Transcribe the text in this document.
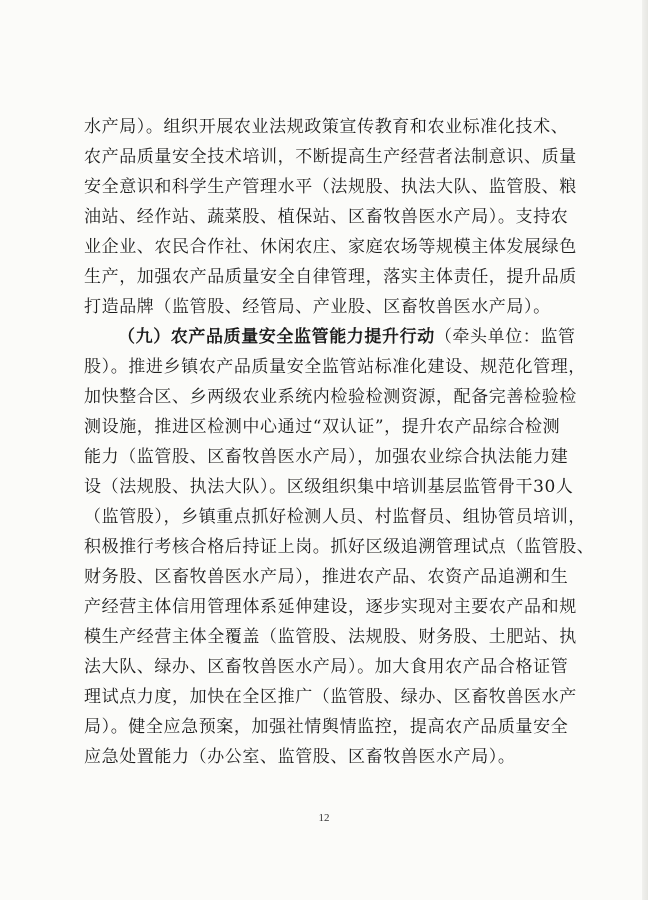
水产局）。组织开展农业法规政策宣传教育和农业标准化技术、
农产品质量安全技术培训，不断提高生产经营者法制意识、质量
安全意识和科学生产管理水平（法规股、执法大队、监管股、粮
油站、经作站、蔬菜股、植保站、区畜牧兽医水产局）。支持农
业企业、农民合作社、休闲农庄、家庭农场等规模主体发展绿色
生产，加强农产品质量安全自律管理，落实主体责任，提升品质
打造品牌（监管股、经管局、产业股、区畜牧兽医水产局）。
（九）农产品质量安全监管能力提升行动（牵头单位：监管
股）。推进乡镇农产品质量安全监管站标准化建设、规范化管理，
加快整合区、乡两级农业系统内检验检测资源，配备完善检验检
测设施，推进区检测中心通过“双认证”，提升农产品综合检测
能力（监管股、区畜牧兽医水产局），加强农业综合执法能力建
设（法规股、执法大队）。区级组织集中培训基层监管骨干30人
（监管股），乡镇重点抓好检测人员、村监督员、组协管员培训，
积极推行考核合格后持证上岗。抓好区级追溯管理试点（监管股、
财务股、区畜牧兽医水产局），推进农产品、农资产品追溯和生
产经营主体信用管理体系延伸建设，逐步实现对主要农产品和规
模生产经营主体全覆盖（监管股、法规股、财务股、土肥站、执
法大队、绿办、区畜牧兽医水产局）。加大食用农产品合格证管
理试点力度，加快在全区推广（监管股、绿办、区畜牧兽医水产
局）。健全应急预案，加强社情舆情监控，提高农产品质量安全
应急处置能力（办公室、监管股、区畜牧兽医水产局）。
12
